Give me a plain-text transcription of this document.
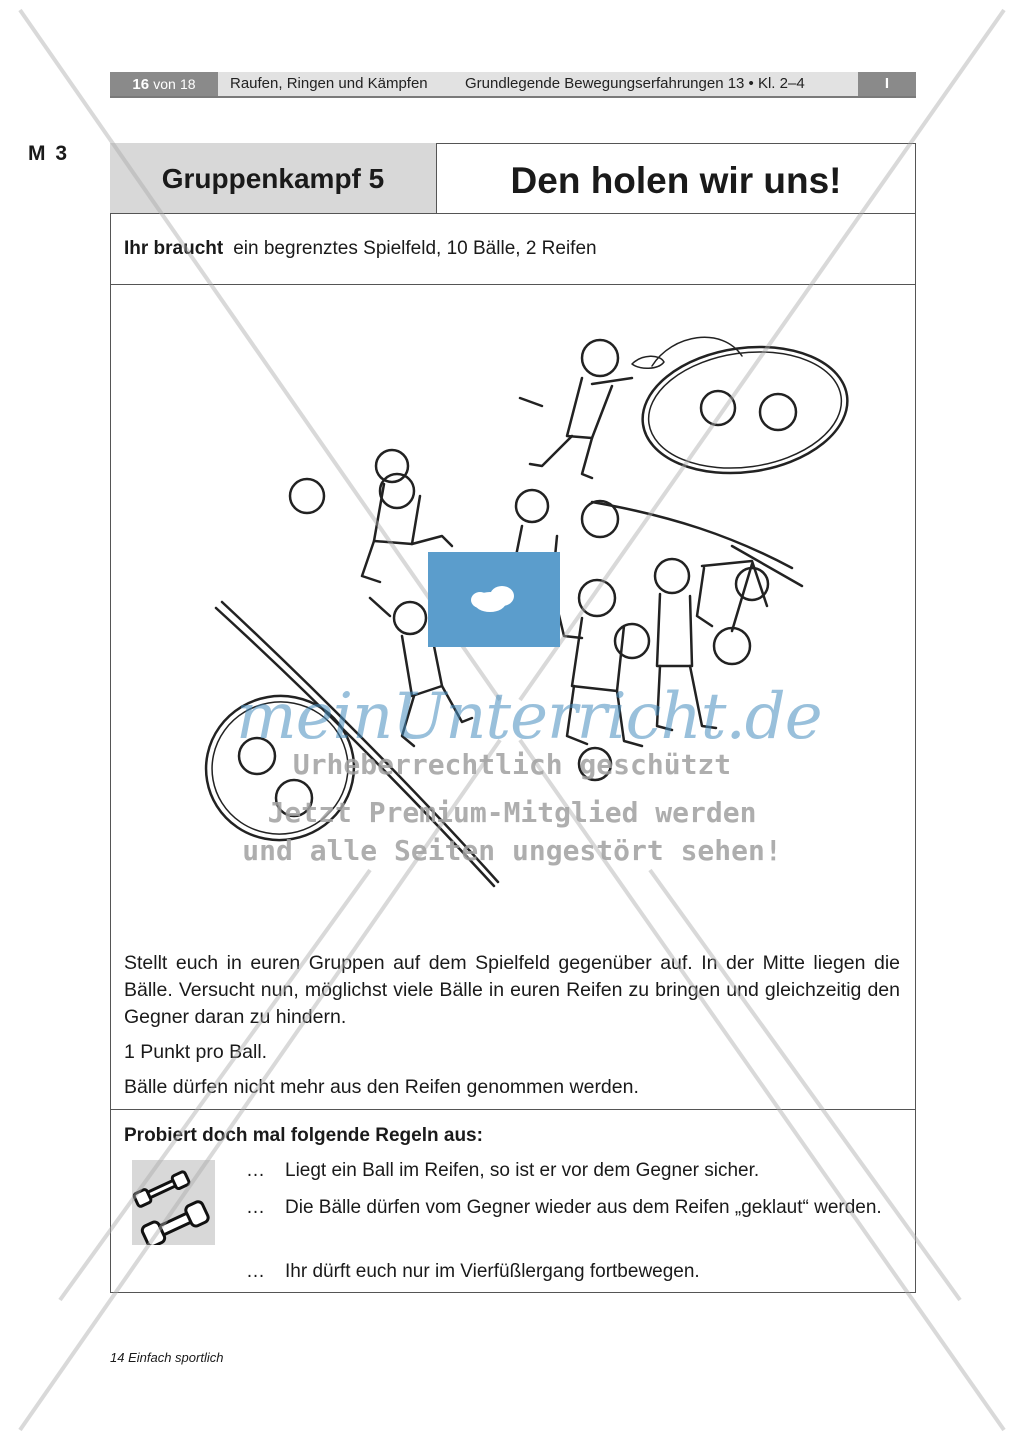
16 von 18	Raufen, Ringen und Kämpfen Grundlegende Bewegungserfahrungen 13 • Kl. 2–4	I
M 3
Gruppenkampf 5	Den holen wir uns!
Ihr braucht ein begrenztes Spielfeld, 10 Bälle, 2 Reifen

Stellt euch in euren Gruppen auf dem Spielfeld gegenüber auf. In der Mitte liegen die Bälle. Versucht nun, möglichst viele Bälle in euren Reifen zu bringen und gleichzeitig den Gegner daran zu hindern.

1 Punkt pro Ball.

Bälle dürfen nicht mehr aus den Reifen genommen werden.

Probiert doch mal folgende Regeln aus:
… Liegt ein Ball im Reifen, so ist er vor dem Gegner sicher.
… Die Bälle dürfen vom Gegner wieder aus dem Reifen „geklaut“ werden.
… Ihr dürft euch nur im Vierfüßlergang fortbewegen.
14 Einfach sportlich
meinUnterricht.de
Urheberrechtlich geschützt
Jetzt Premium-Mitglied werden
und alle Seiten ungestört sehen!
